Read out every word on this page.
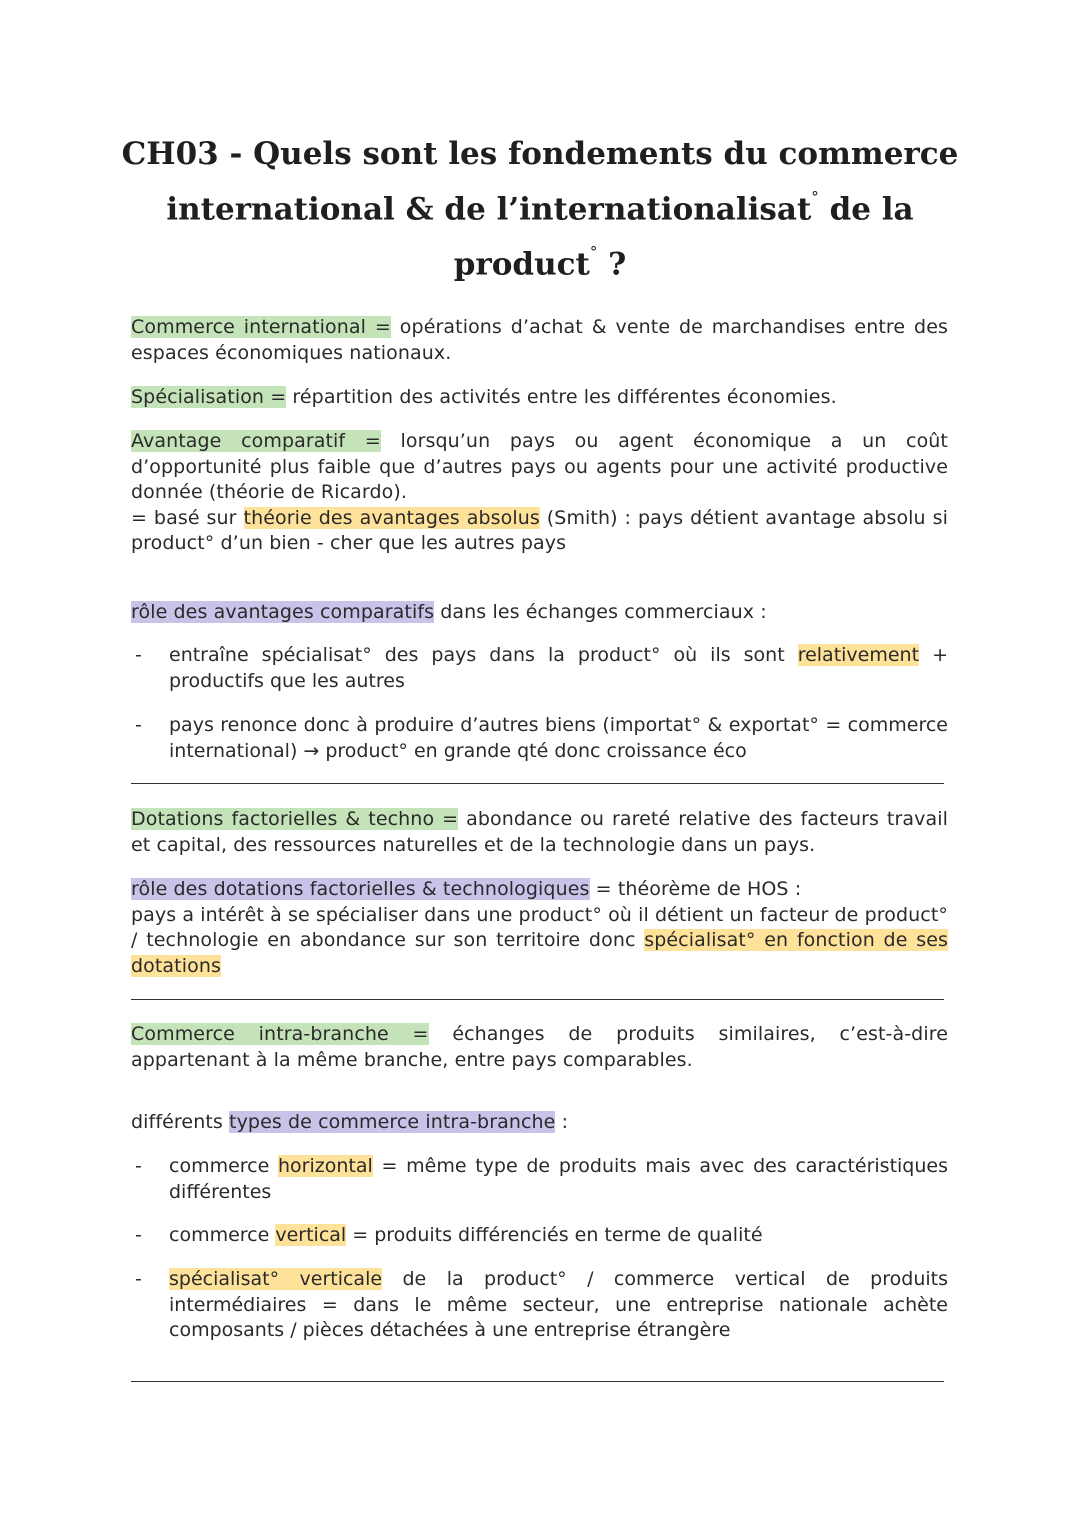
CH03 - Quels sont les fondements du commerce
international & de l’internationalisat° de la product° ?
Commerce international = opérations d’achat & vente de marchandises entre des espaces économiques nationaux.
Spécialisation = répartition des activités entre les différentes économies.
Avantage comparatif = lorsqu’un pays ou agent économique a un coût d’opportunité plus faible que d’autres pays ou agents pour une activité productive donnée (théorie de Ricardo).
= basé sur théorie des avantages absolus (Smith) : pays détient avantage absolu si product° d’un bien - cher que les autres pays
rôle des avantages comparatifs dans les échanges commerciaux :
- entraîne spécialisat° des pays dans la product° où ils sont relativement + productifs que les autres
- pays renonce donc à produire d’autres biens (importat° & exportat° = commerce international) → product° en grande qté donc croissance éco
Dotations factorielles & techno = abondance ou rareté relative des facteurs travail et capital, des ressources naturelles et de la technologie dans un pays.
rôle des dotations factorielles & technologiques = théorème de HOS :
pays a intérêt à se spécialiser dans une product° où il détient un facteur de product° / technologie en abondance sur son territoire donc spécialisat° en fonction de ses dotations
Commerce intra-branche = échanges de produits similaires, c’est-à-dire appartenant à la même branche, entre pays comparables.
différents types de commerce intra-branche :
- commerce horizontal = même type de produits mais avec des caractéristiques différentes
- commerce vertical = produits différenciés en terme de qualité
- spécialisat° verticale de la product° / commerce vertical de produits intermédiaires = dans le même secteur, une entreprise nationale achète composants / pièces détachées à une entreprise étrangère
